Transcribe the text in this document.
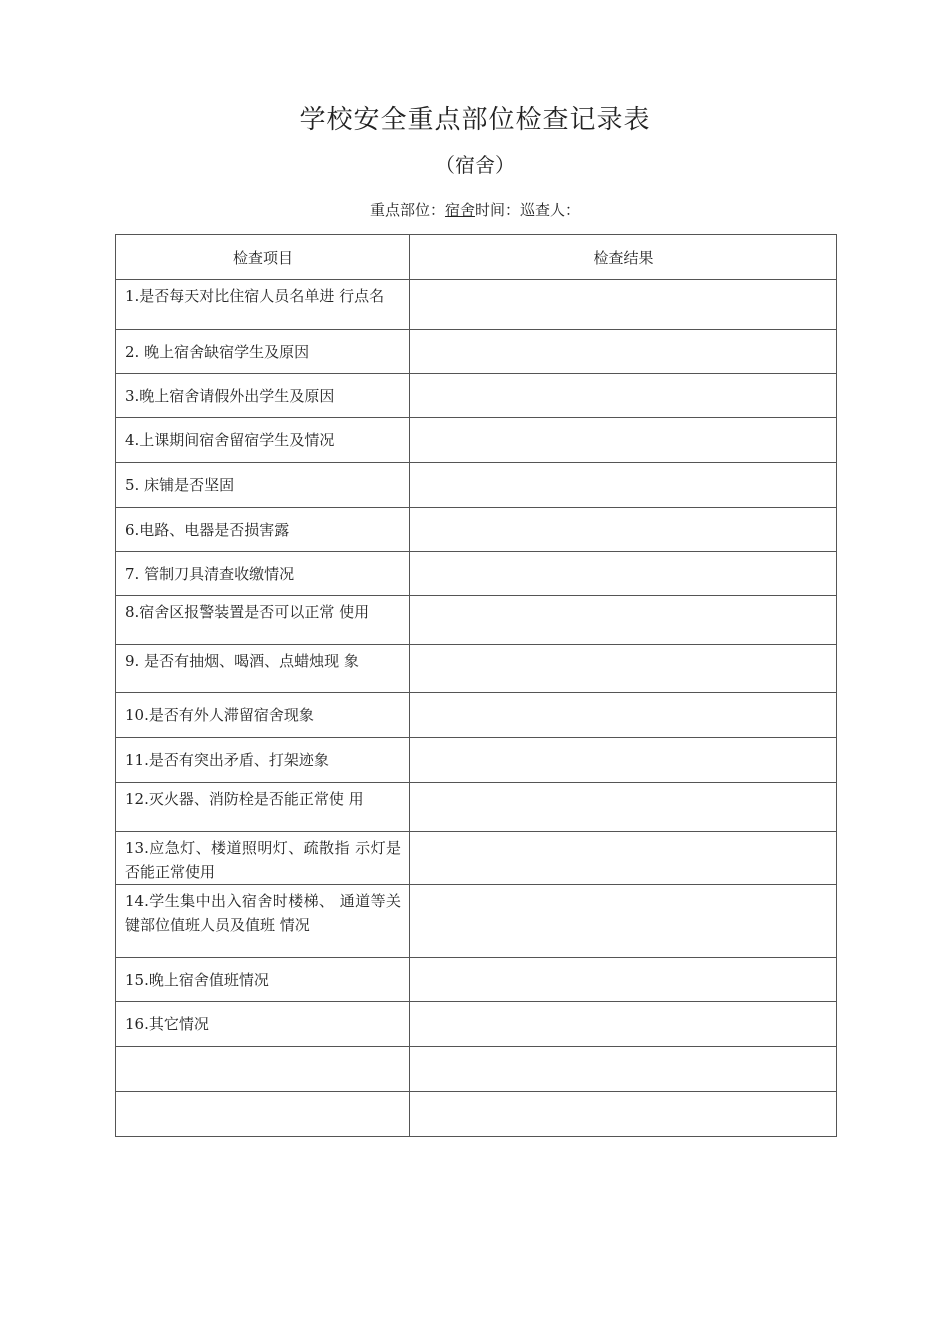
学校安全重点部位检查记录表
（宿舍）
重点部位：宿舍时间：巡查人：
检查项目	检查结果
1.是否每天对比住宿人员名单进 行点名	
2. 晚上宿舍缺宿学生及原因	
3.晚上宿舍请假外出学生及原因	
4.上课期间宿舍留宿学生及情况	
5. 床铺是否坚固	
6.电路、电器是否损害露	
7. 管制刀具清查收缴情况	
8.宿舍区报警装置是否可以正常 使用	
9. 是否有抽烟、喝酒、点蜡烛现 象	
10.是否有外人滞留宿舍现象	
11.是否有突出矛盾、打架迹象	
12.灭火器、消防栓是否能正常使 用	
13.应急灯、楼道照明灯、疏散指 示灯是否能正常使用	
14.学生集中出入宿舍时楼梯、 通道等关键部位值班人员及值班 情况	
15.晚上宿舍值班情况	
16.其它情况	
